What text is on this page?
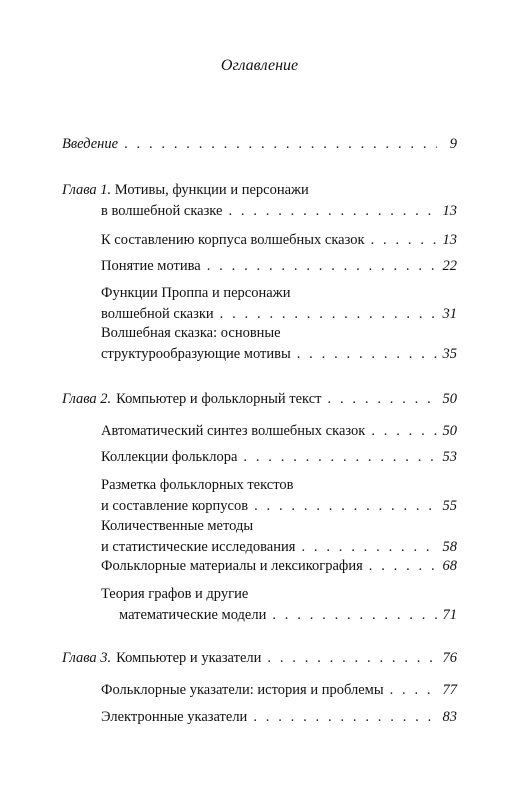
Оглавление
Введение . . .	9
Глава 1. Мотивы, функции и персонажи
в волшебной сказке . . .	13
К составлению корпуса волшебных сказок . . .	13
Понятие мотива . . .	22
Функции Проппа и персонажи
волшебной сказки . . .	31
Волшебная сказка: основные
структурообразующие мотивы . . .	35
Глава 2. Компьютер и фольклорный текст . . .	50
Автоматический синтез волшебных сказок . . .	50
Коллекции фольклора . . .	53
Разметка фольклорных текстов
и составление корпусов . . .	55
Количественные методы
и статистические исследования . . .	58
Фольклорные материалы и лексикография . . .	68
Теория графов и другие
математические модели . . .	71
Глава 3. Компьютер и указатели . . .	76
Фольклорные указатели: история и проблемы . . .	77
Электронные указатели . . .	83
